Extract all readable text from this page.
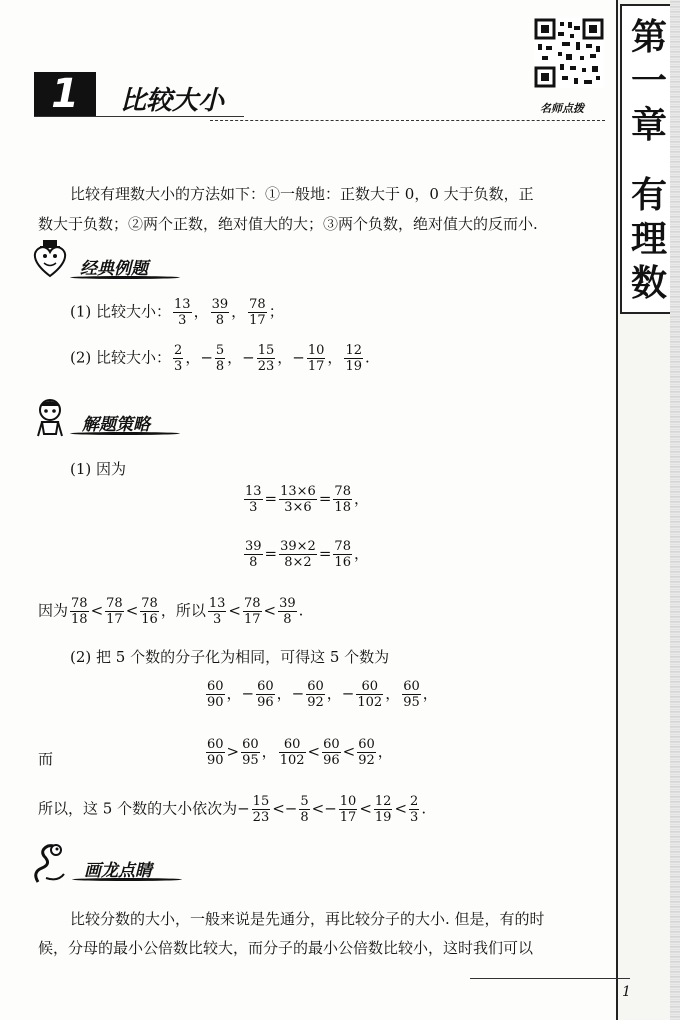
1	比较大小	名师点拨
第
一
章
有
理
数
比较有理数大小的方法如下：①一般地：正数大于 0，0 大于负数，正
数大于负数；②两个正数，绝对值大的大；③两个负数，绝对值大的反而小.
经典例题
(1) 比较大小： $\frac{13}{3}$ ， $\frac{39}{8}$ ， $\frac{78}{17}$ ；
(2) 比较大小： $\frac{2}{3}$ ，− $\frac{5}{8}$ ，− $\frac{15}{23}$ ，− $\frac{10}{17}$ ， $\frac{12}{19}$ .
解题策略
(1) 因为
$\frac{13}{3} = \frac{13\times 6}{3\times 6} = \frac{78}{18}$ ，
$\frac{39}{8} = \frac{39\times 2}{8\times 2} = \frac{78}{16}$ ，
因为 $\frac{78}{18} < \frac{78}{17} < \frac{78}{16}$ ，所以 $\frac{13}{3} < \frac{78}{17} < \frac{39}{8}$ .
(2) 把 5 个数的分子化为相同，可得这 5 个数为
$\frac{60}{90}$ ，− $\frac{60}{96}$ ，− $\frac{60}{92}$ ，− $\frac{60}{102}$ ， $\frac{60}{95}$ ，
而	$\frac{60}{90} > \frac{60}{95}$ ， $\frac{60}{102} < \frac{60}{96} < \frac{60}{92}$ ，
所以，这 5 个数的大小依次为− $\frac{15}{23} <- \frac{5}{8} <- \frac{10}{17} < \frac{12}{19} < \frac{2}{3}$ .
画龙点睛
比较分数的大小，一般来说是先通分，再比较分子的大小. 但是，有的时
候，分母的最小公倍数比较大，而分子的最小公倍数比较小，这时我们可以
1
